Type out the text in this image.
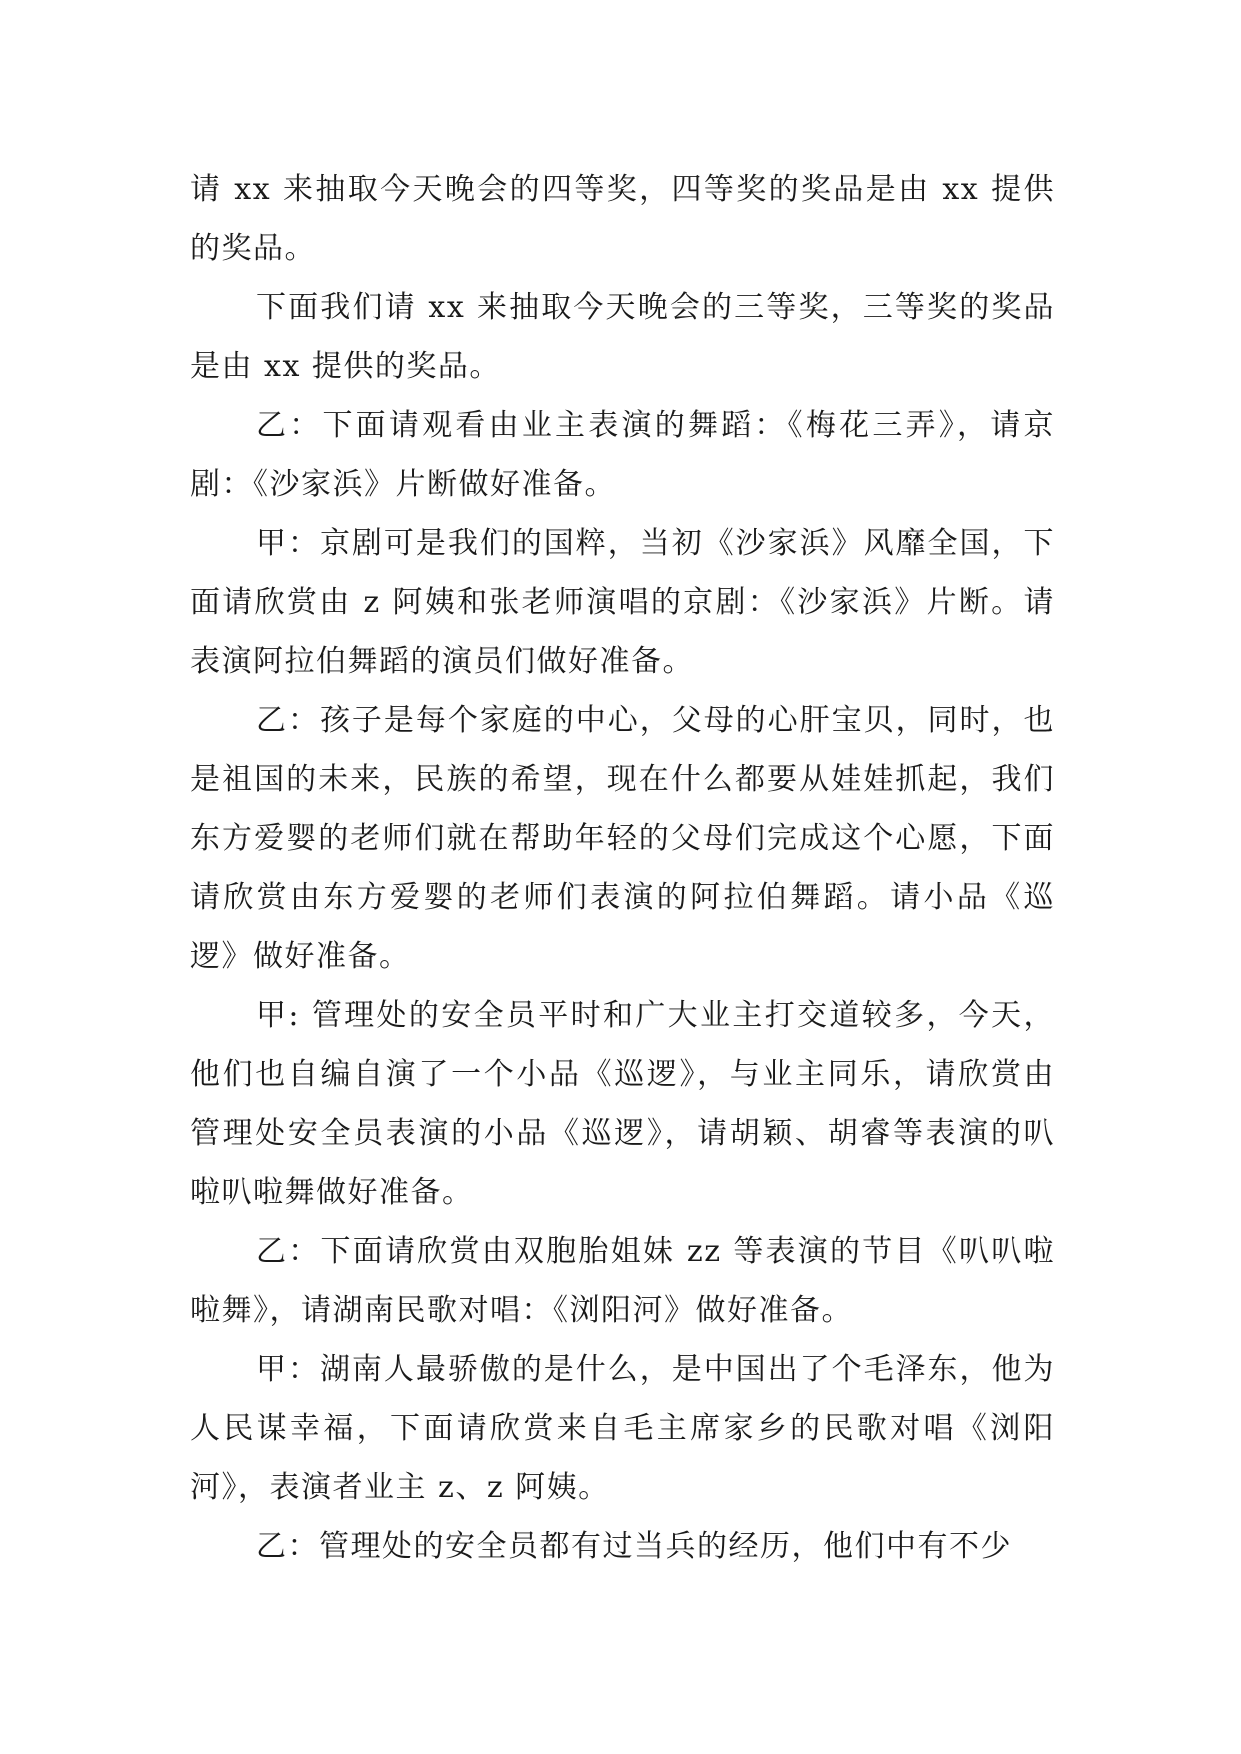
请 xx 来抽取今天晚会的四等奖，四等奖的奖品是由 xx 提供的奖品。

下面我们请 xx 来抽取今天晚会的三等奖，三等奖的奖品是由 xx 提供的奖品。

乙：下面请观看由业主表演的舞蹈：《梅花三弄》，请京剧：《沙家浜》片断做好准备。

甲：京剧可是我们的国粹，当初《沙家浜》风靡全国，下面请欣赏由 z 阿姨和张老师演唱的京剧：《沙家浜》片断。请表演阿拉伯舞蹈的演员们做好准备。

乙：孩子是每个家庭的中心，父母的心肝宝贝，同时，也是祖国的未来，民族的希望，现在什么都要从娃娃抓起，我们东方爱婴的老师们就在帮助年轻的父母们完成这个心愿，下面请欣赏由东方爱婴的老师们表演的阿拉伯舞蹈。请小品《巡逻》做好准备。

甲: 管理处的安全员平时和广大业主打交道较多，今天，他们也自编自演了一个小品《巡逻》，与业主同乐，请欣赏由管理处安全员表演的小品《巡逻》，请胡颖、胡睿等表演的叭啦叭啦舞做好准备。

乙：下面请欣赏由双胞胎姐妹 zz 等表演的节目《叭叭啦啦舞》，请湖南民歌对唱：《浏阳河》做好准备。

甲：湖南人最骄傲的是什么，是中国出了个毛泽东，他为人民谋幸福，下面请欣赏来自毛主席家乡的民歌对唱《浏阳河》，表演者业主 z、z 阿姨。

乙：管理处的安全员都有过当兵的经历，他们中有不少
